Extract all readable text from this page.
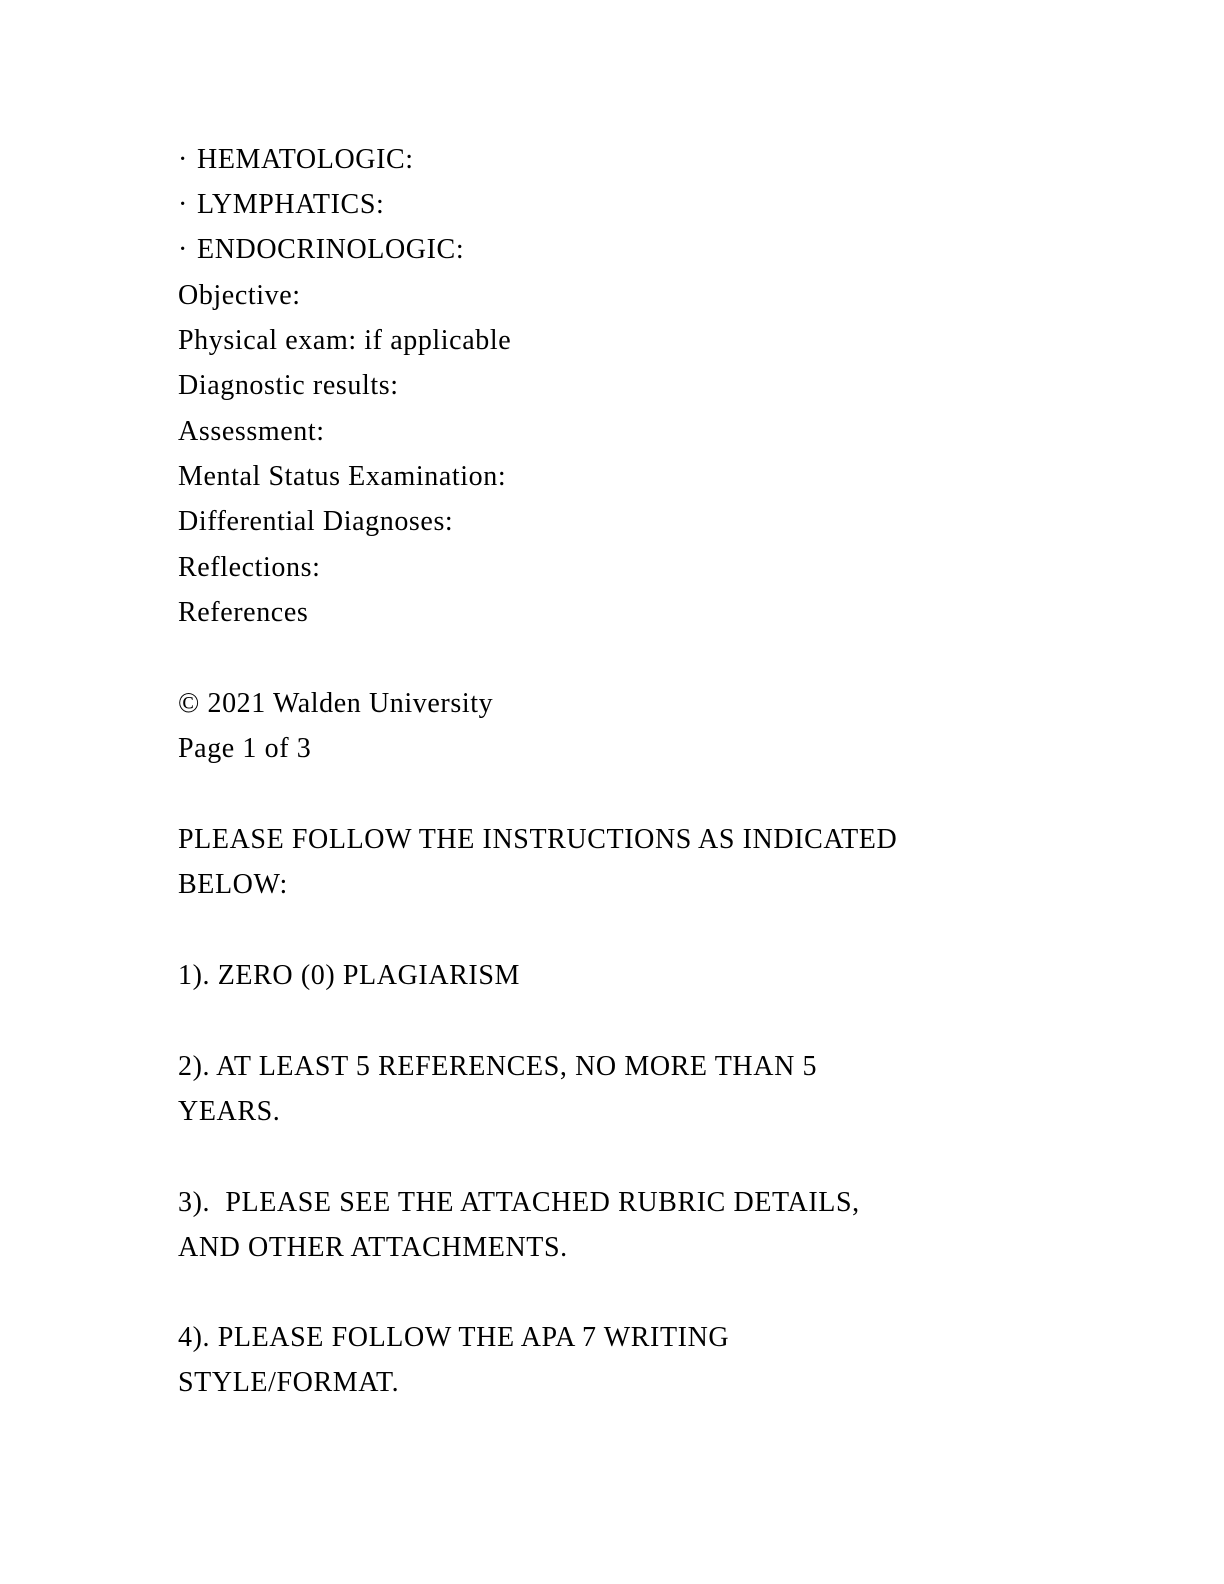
· HEMATOLOGIC:
· LYMPHATICS:
· ENDOCRINOLOGIC:
Objective:
Physical exam: if applicable
Diagnostic results:
Assessment:
Mental Status Examination:
Differential Diagnoses:
Reflections:
References
© 2021 Walden University
Page 1 of 3
PLEASE FOLLOW THE INSTRUCTIONS AS INDICATED
BELOW:
1). ZERO (0) PLAGIARISM
2). AT LEAST 5 REFERENCES, NO MORE THAN 5
YEARS.
3).  PLEASE SEE THE ATTACHED RUBRIC DETAILS,
AND OTHER ATTACHMENTS.
4). PLEASE FOLLOW THE APA 7 WRITING
STYLE/FORMAT.
